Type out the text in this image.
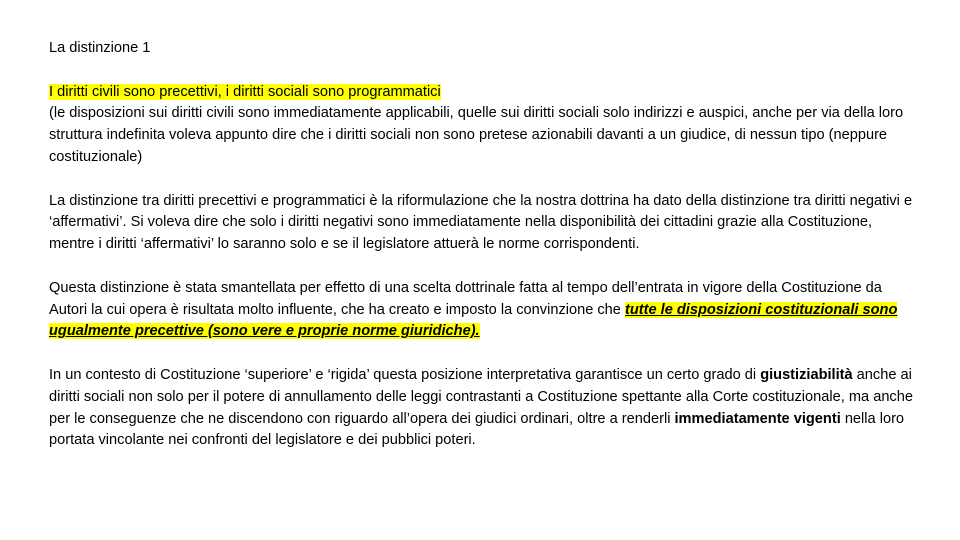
La distinzione 1

I diritti civili sono precettivi, i diritti sociali sono programmatici
(le disposizioni sui diritti civili sono immediatamente applicabili, quelle sui diritti sociali solo indirizzi e auspici, anche per via della loro struttura indefinita voleva appunto dire che i diritti sociali non sono pretese azionabili davanti a un giudice, di nessun tipo (neppure costituzionale)

La distinzione tra diritti precettivi e programmatici è la riformulazione che la nostra dottrina ha dato della distinzione tra diritti negativi e ‘affermativi’. Si voleva dire che solo i diritti negativi sono immediatamente nella disponibilità dei cittadini grazie alla Costituzione, mentre i diritti ‘affermativi’ lo saranno solo e se il legislatore attuerà le norme corrispondenti.

Questa distinzione è stata smantellata per effetto di una scelta dottrinale fatta al tempo dell’entrata in vigore della Costituzione da Autori la cui opera è risultata molto influente, che ha creato e imposto la convinzione che tutte le disposizioni costituzionali sono ugualmente precettive (sono vere e proprie norme giuridiche).

In un contesto di Costituzione ‘superiore’ e ‘rigida’ questa posizione interpretativa garantisce un certo grado di giustiziabilità anche ai diritti sociali non solo per il potere di annullamento delle leggi contrastanti a Costituzione spettante alla Corte costituzionale, ma anche per le conseguenze che ne discendono con riguardo all’opera dei giudici ordinari, oltre a renderli immediatamente vigenti nella loro portata vincolante nei confronti del legislatore e dei pubblici poteri.
